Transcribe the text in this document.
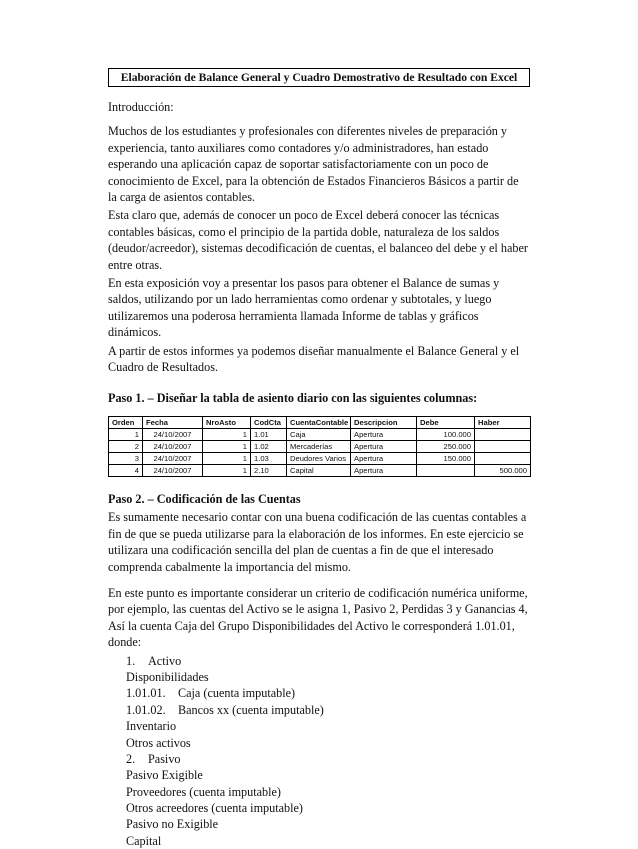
Elaboración de Balance General y Cuadro Demostrativo de Resultado con Excel

Introducción:

Muchos de los estudiantes y profesionales con diferentes niveles de preparación y experiencia, tanto auxiliares como contadores y/o administradores, han estado esperando una aplicación capaz de soportar satisfactoriamente con un poco de conocimiento de Excel, para la obtención de Estados Financieros Básicos a partir de la carga de asientos contables.

Esta claro que, además de conocer un poco de Excel deberá conocer las técnicas contables básicas, como el principio de la partida doble, naturaleza de los saldos (deudor/acreedor), sistemas decodificación de cuentas, el balanceo del debe y el haber entre otras.

En esta exposición voy a presentar los pasos para obtener el Balance de sumas y saldos, utilizando por un lado herramientas como ordenar y subtotales, y luego utilizaremos una poderosa herramienta llamada Informe de tablas y gráficos dinámicos.

A partir de estos informes ya podemos diseñar manualmente el Balance General y el Cuadro de Resultados.

Paso 1. – Diseñar la tabla de asiento diario con las siguientes columnas:

Orden	Fecha	NroAsto	CodCta	CuentaContable	Descripcion	Debe	Haber
1	24/10/2007	1	1.01	Caja	Apertura	100.000	
2	24/10/2007	1	1.02	Mercaderías	Apertura	250.000	
3	24/10/2007	1	1.03	Deudores Varios	Apertura	150.000	
4	24/10/2007	1	2.10	Capital	Apertura		500.000

Paso 2. – Codificación de las Cuentas

Es sumamente necesario contar con una buena codificación de las cuentas contables a fin de que se pueda utilizarse para la elaboración de los informes. En este ejercicio se utilizara una codificación sencilla del plan de cuentas a fin de que el interesado comprenda cabalmente la importancia del mismo.

En este punto es importante considerar un criterio de codificación numérica uniforme, por ejemplo, las cuentas del Activo se le asigna 1, Pasivo 2, Perdidas 3 y Ganancias 4, Así la cuenta Caja del Grupo Disponibilidades del Activo le corresponderá 1.01.01, donde:

1. Activo
Disponibilidades
1.01.01. Caja (cuenta imputable)
1.01.02. Bancos xx (cuenta imputable)
Inventario
Otros activos
2. Pasivo
Pasivo Exigible
Proveedores (cuenta imputable)
Otros acreedores (cuenta imputable)
Pasivo no Exigible
Capital
